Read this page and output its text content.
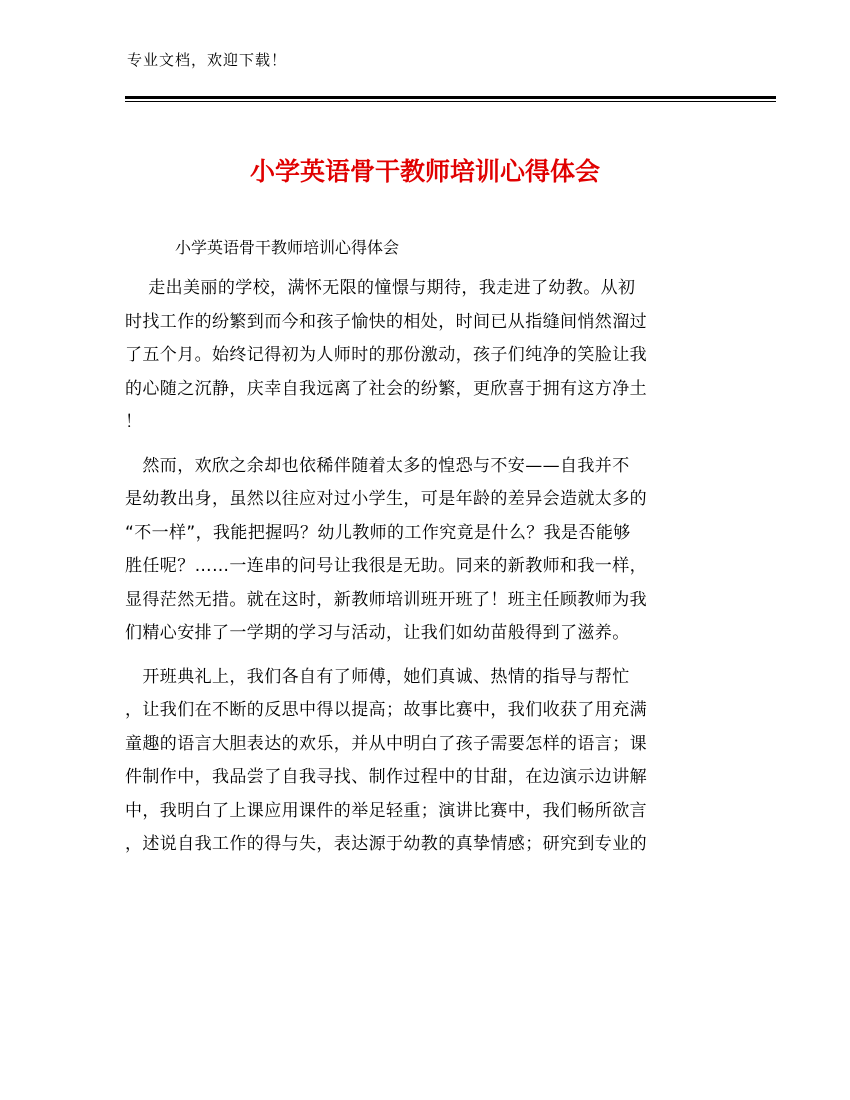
专业文档，欢迎下载！
小学英语骨干教师培训心得体会
小学英语骨干教师培训心得体会
走出美丽的学校，满怀无限的憧憬与期待，我走进了幼教。从初
时找工作的纷繁到而今和孩子愉快的相处，时间已从指缝间悄然溜过
了五个月。始终记得初为人师时的那份激动，孩子们纯净的笑脸让我
的心随之沉静，庆幸自我远离了社会的纷繁，更欣喜于拥有这方净土
！
然而，欢欣之余却也依稀伴随着太多的惶恐与不安——自我并不
是幼教出身，虽然以往应对过小学生，可是年龄的差异会造就太多的
“不一样”，我能把握吗？幼儿教师的工作究竟是什么？我是否能够
胜任呢？……一连串的问号让我很是无助。同来的新教师和我一样，
显得茫然无措。就在这时，新教师培训班开班了！班主任顾教师为我
们精心安排了一学期的学习与活动，让我们如幼苗般得到了滋养。
开班典礼上，我们各自有了师傅，她们真诚、热情的指导与帮忙
，让我们在不断的反思中得以提高；故事比赛中，我们收获了用充满
童趣的语言大胆表达的欢乐，并从中明白了孩子需要怎样的语言；课
件制作中，我品尝了自我寻找、制作过程中的甘甜，在边演示边讲解
中，我明白了上课应用课件的举足轻重；演讲比赛中，我们畅所欲言
，述说自我工作的得与失，表达源于幼教的真挚情感；研究到专业的
